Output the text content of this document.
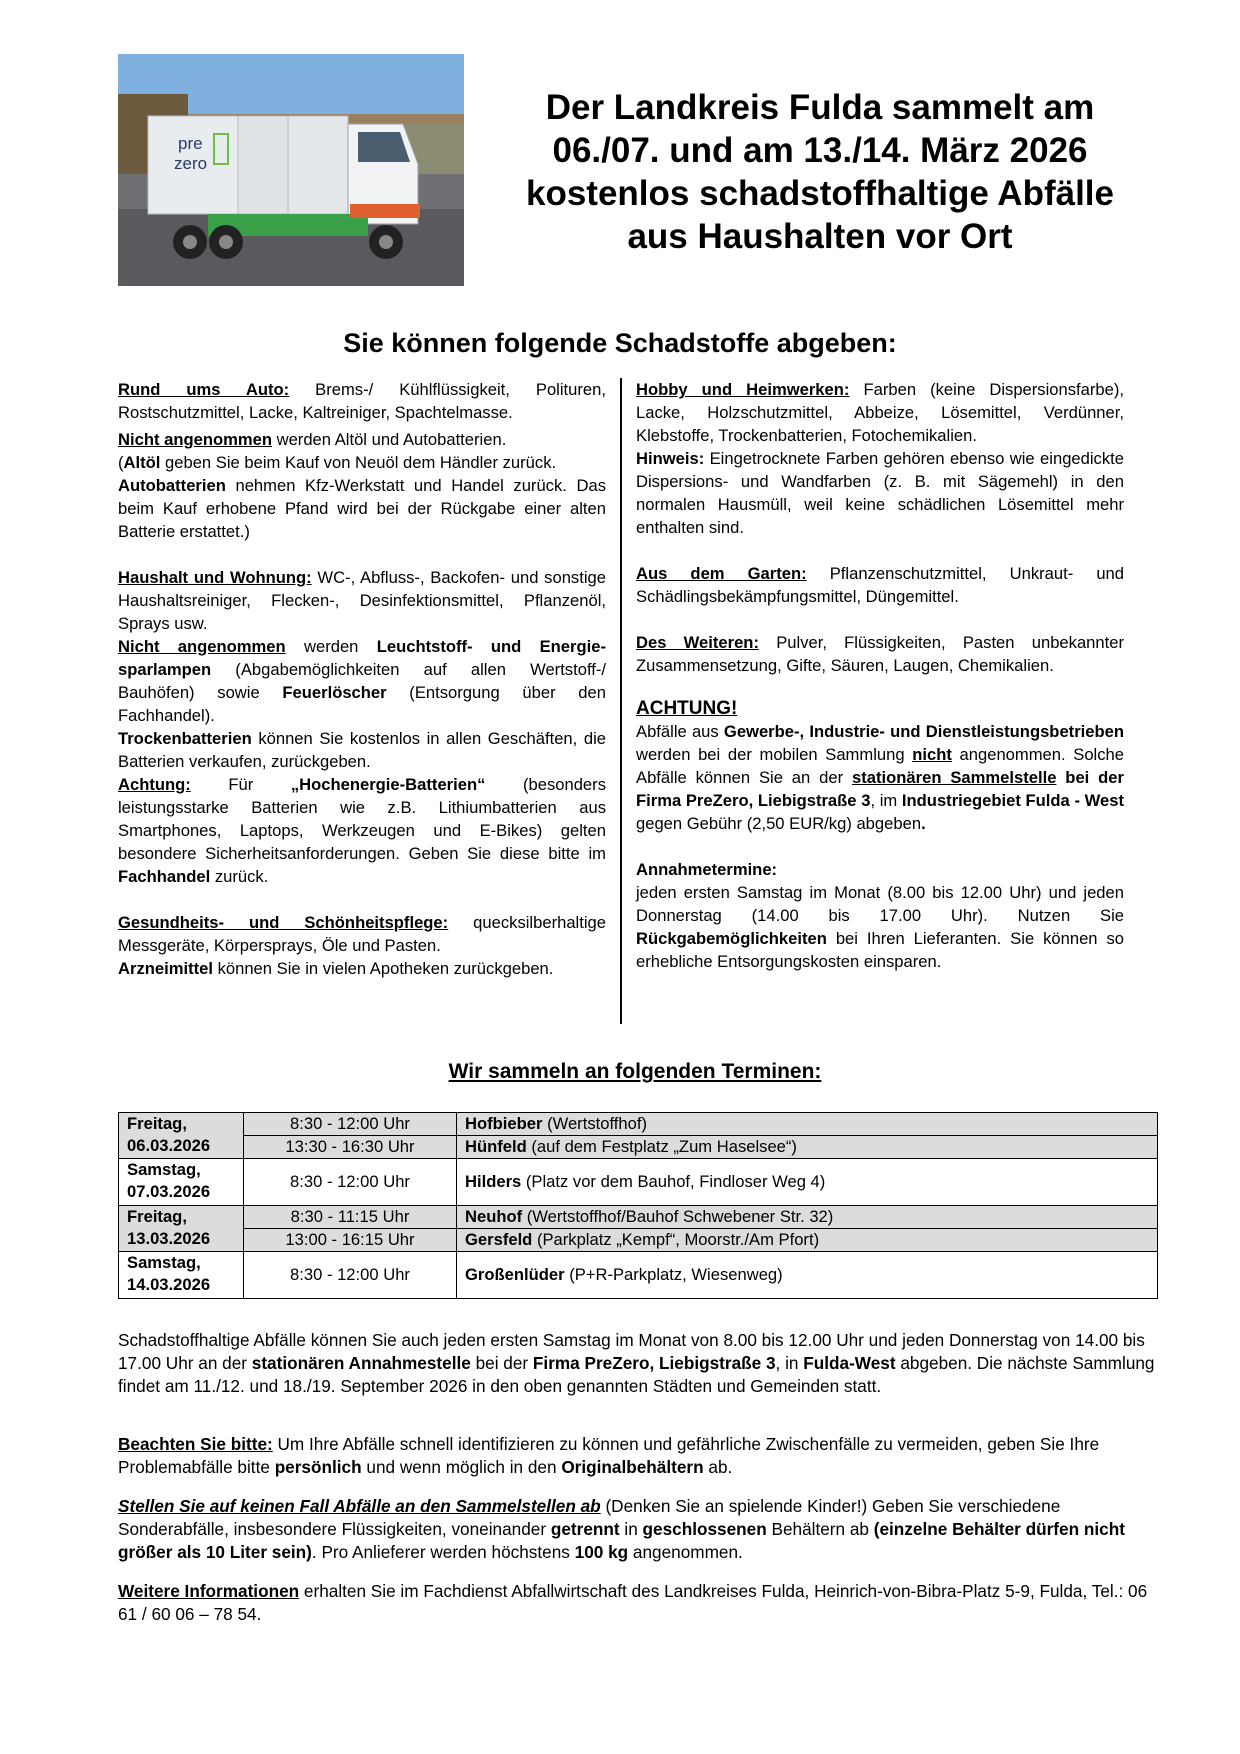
pre
zero
Der Landkreis Fulda sammelt am
06./07. und am 13./14. März 2026
kostenlos schadstoffhaltige Abfälle
aus Haushalten vor Ort
Sie können folgende Schadstoffe abgeben:

Rund ums Auto: Brems-/ Kühlflüssigkeit, Polituren, Rostschutzmittel, Lacke, Kaltreiniger, Spachtelmasse.

Nicht angenommen werden Altöl und Autobatterien.

(Altöl geben Sie beim Kauf von Neuöl dem Händler zurück.

Autobatterien nehmen Kfz-Werkstatt und Handel zurück. Das beim Kauf erhobene Pfand wird bei der Rückgabe einer alten Batterie erstattet.)

Haushalt und Wohnung: WC-, Abfluss-, Backofen- und sonstige Haushaltsreiniger, Flecken-, Desinfektionsmittel, Pflanzenöl, Sprays usw.

Nicht angenommen werden Leuchtstoff- und Energie-sparlampen (Abgabemöglichkeiten auf allen Wertstoff-/ Bauhöfen) sowie Feuerlöscher (Entsorgung über den Fachhandel).

Trockenbatterien können Sie kostenlos in allen Geschäften, die Batterien verkaufen, zurückgeben.

Achtung: Für „Hochenergie-Batterien“ (besonders leistungsstarke Batterien wie z.B. Lithiumbatterien aus Smartphones, Laptops, Werkzeugen und E-Bikes) gelten besondere Sicherheitsanforderungen. Geben Sie diese bitte im Fachhandel zurück.

Gesundheits- und Schönheitspflege: quecksilberhaltige Messgeräte, Körpersprays, Öle und Pasten.

Arzneimittel können Sie in vielen Apotheken zurückgeben.

Hobby und Heimwerken: Farben (keine Dispersionsfarbe), Lacke, Holzschutzmittel, Abbeize, Lösemittel, Verdünner, Klebstoffe, Trockenbatterien, Fotochemikalien.

Hinweis: Eingetrocknete Farben gehören ebenso wie eingedickte Dispersions- und Wandfarben (z. B. mit Sägemehl) in den normalen Hausmüll, weil keine schädlichen Lösemittel mehr enthalten sind.

Aus dem Garten: Pflanzenschutzmittel, Unkraut- und Schädlingsbekämpfungsmittel, Düngemittel.

Des Weiteren: Pulver, Flüssigkeiten, Pasten unbekannter Zusammensetzung, Gifte, Säuren, Laugen, Chemikalien.

ACHTUNG!

Abfälle aus Gewerbe-, Industrie- und Dienstleistungsbetrieben werden bei der mobilen Sammlung nicht angenommen. Solche Abfälle können Sie an der stationären Sammelstelle bei der Firma PreZero, Liebigstraße 3, im Industriegebiet Fulda - West gegen Gebühr (2,50 EUR/kg) abgeben.

Annahmetermine:

jeden ersten Samstag im Monat (8.00 bis 12.00 Uhr) und jeden Donnerstag (14.00 bis 17.00 Uhr). Nutzen Sie Rückgabemöglichkeiten bei Ihren Lieferanten. Sie können so erhebliche Entsorgungskosten einsparen.

Wir sammeln an folgenden Terminen:
Freitag,
06.03.2026	8:30 - 12:00 Uhr	Hofbieber (Wertstoffhof)
	13:30 - 16:30 Uhr	Hünfeld (auf dem Festplatz „Zum Haselsee“)

Samstag,
07.03.2026	8:30 - 12:00 Uhr	Hilders (Platz vor dem Bauhof, Findloser Weg 4)

Freitag,
13.03.2026	8:30 - 11:15 Uhr	Neuhof (Wertstoffhof/Bauhof Schwebener Str. 32)
	13:00 - 16:15 Uhr	Gersfeld (Parkplatz „Kempf“, Moorstr./Am Pfort)

Samstag,
14.03.2026	8:30 - 12:00 Uhr	Großenlüder (P+R-Parkplatz, Wiesenweg)

Schadstoffhaltige Abfälle können Sie auch jeden ersten Samstag im Monat von 8.00 bis 12.00 Uhr und jeden Donnerstag von 14.00 bis 17.00 Uhr an der stationären Annahmestelle bei der Firma PreZero, Liebigstraße 3, in Fulda-West abgeben. Die nächste Sammlung findet am 11./12. und 18./19. September 2026 in den oben genannten Städten und Gemeinden statt.

Beachten Sie bitte: Um Ihre Abfälle schnell identifizieren zu können und gefährliche Zwischenfälle zu vermeiden, geben Sie Ihre Problemabfälle bitte persönlich und wenn möglich in den Originalbehältern ab.

Stellen Sie auf keinen Fall Abfälle an den Sammelstellen ab (Denken Sie an spielende Kinder!) Geben Sie verschiedene Sonderabfälle, insbesondere Flüssigkeiten, voneinander getrennt in geschlossenen Behältern ab (einzelne Behälter dürfen nicht größer als 10 Liter sein). Pro Anlieferer werden höchstens 100 kg angenommen.

Weitere Informationen erhalten Sie im Fachdienst Abfallwirtschaft des Landkreises Fulda, Heinrich-von-Bibra-Platz 5-9, Fulda, Tel.: 06 61 / 60 06 – 78 54.
